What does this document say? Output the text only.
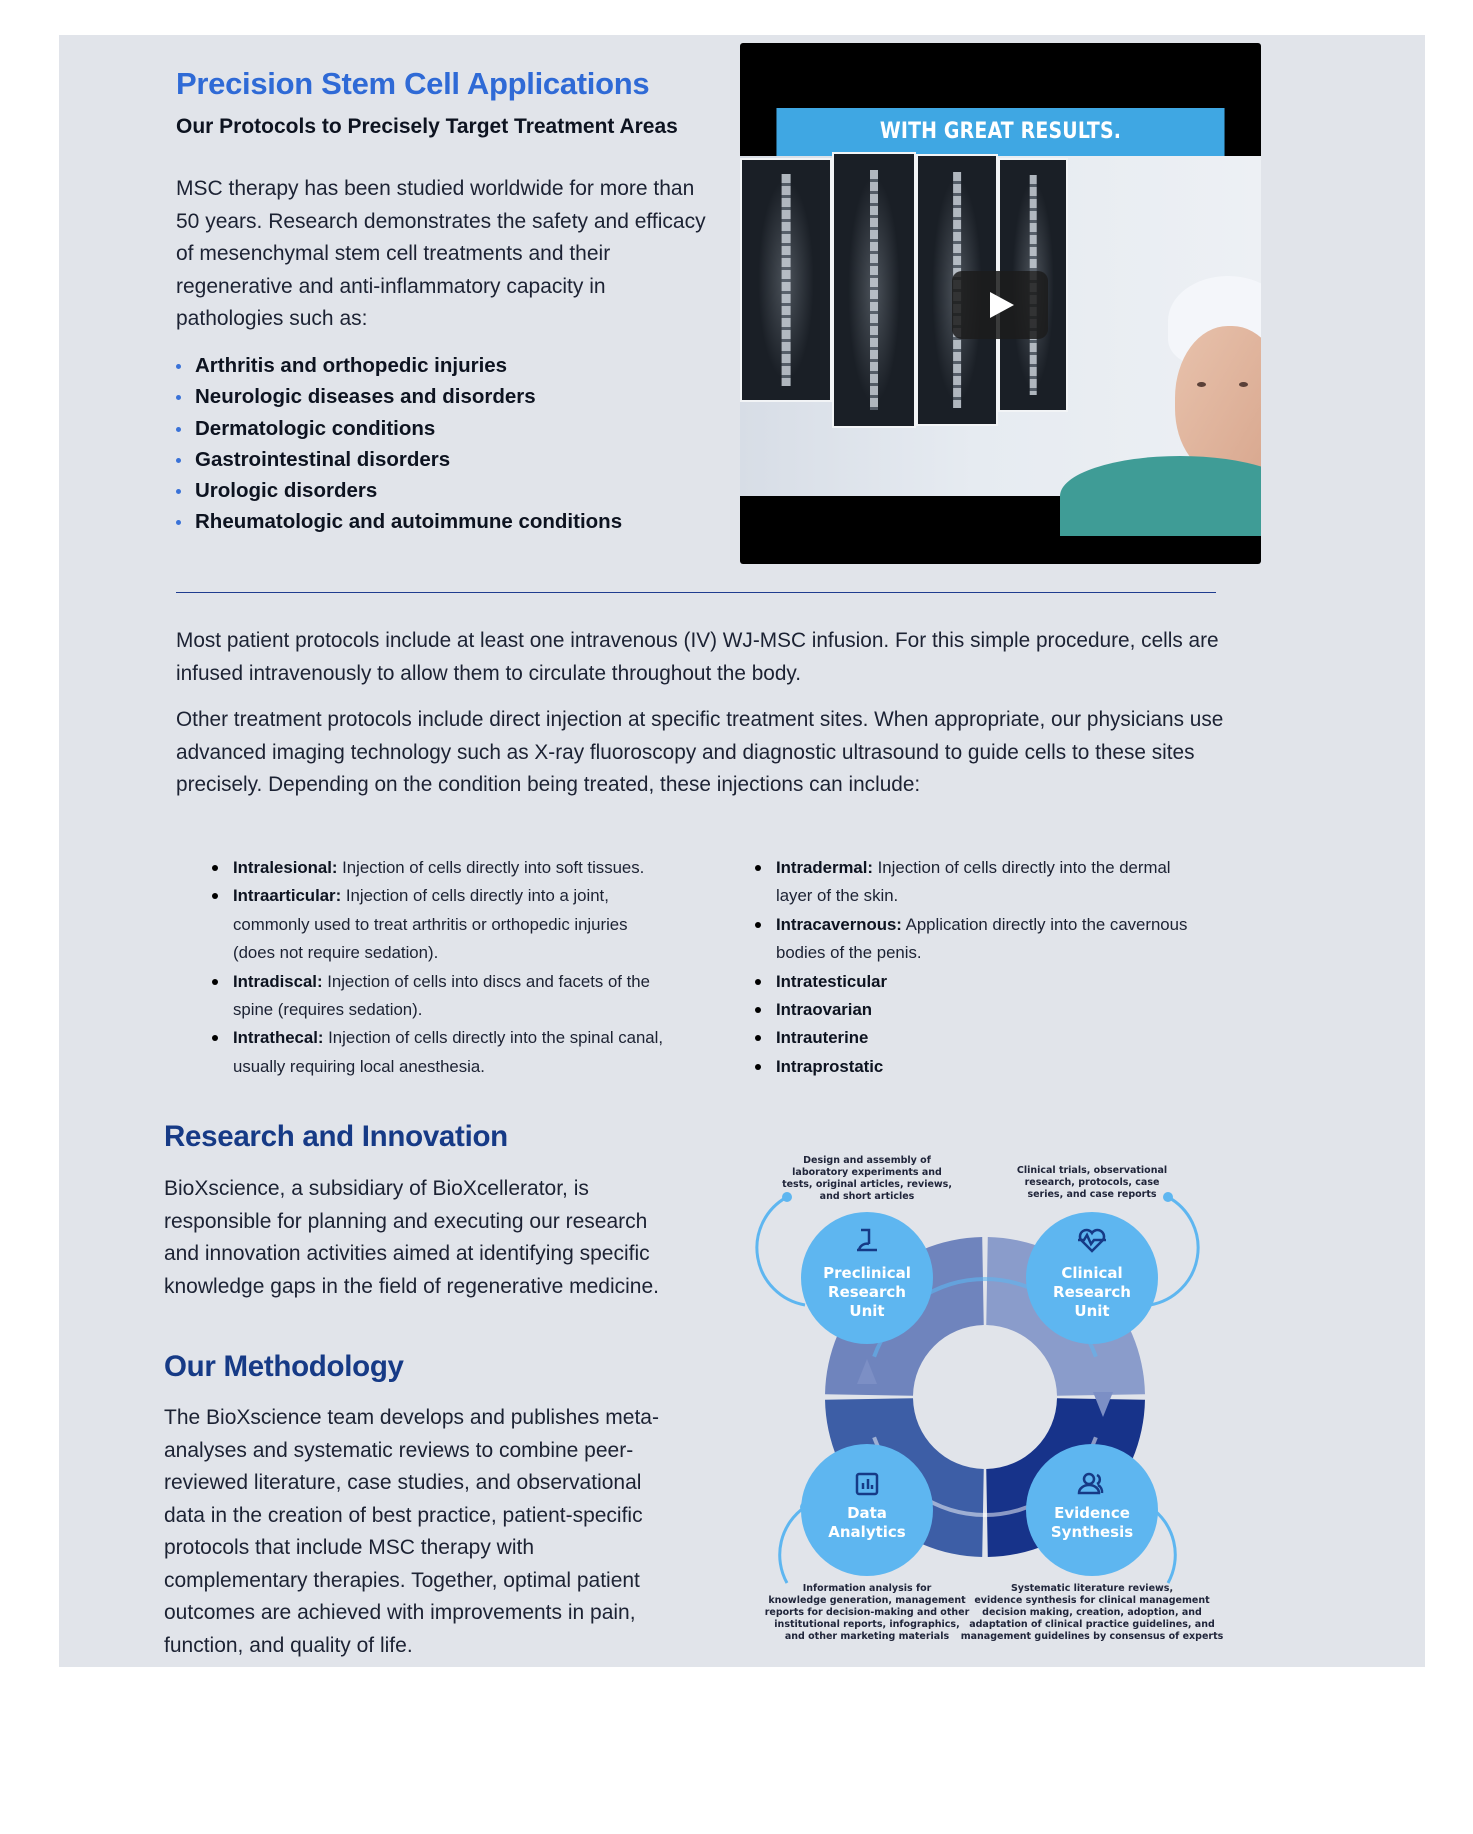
Precision Stem Cell Applications
Our Protocols to Precisely Target Treatment Areas
MSC therapy has been studied worldwide for more than 50 years. Research demonstrates the safety and efficacy of mesenchymal stem cell treatments and their regenerative and anti-inflammatory capacity in pathologies such as:
Arthritis and orthopedic injuries
Neurologic diseases and disorders
Dermatologic conditions
Gastrointestinal disorders
Urologic disorders
Rheumatologic and autoimmune conditions
WITH GREAT RESULTS.
Most patient protocols include at least one intravenous (IV) WJ-MSC infusion. For this simple procedure, cells are infused intravenously to allow them to circulate throughout the body.
Other treatment protocols include direct injection at specific treatment sites. When appropriate, our physicians use advanced imaging technology such as X-ray fluoroscopy and diagnostic ultrasound to guide cells to these sites precisely. Depending on the condition being treated, these injections can include:
Intralesional: Injection of cells directly into soft tissues.
Intraarticular: Injection of cells directly into a joint, commonly used to treat arthritis or orthopedic injuries (does not require sedation).
Intradiscal: Injection of cells into discs and facets of the spine (requires sedation).
Intrathecal: Injection of cells directly into the spinal canal, usually requiring local anesthesia.
Intradermal: Injection of cells directly into the dermal layer of the skin.
Intracavernous: Application directly into the cavernous bodies of the penis.
Intratesticular
Intraovarian
Intrauterine
Intraprostatic
Research and Innovation
BioXscience, a subsidiary of BioXcellerator, is responsible for planning and executing our research and innovation activities aimed at identifying specific knowledge gaps in the field of regenerative medicine.
Our Methodology
The BioXscience team develops and publishes meta-analyses and systematic reviews to combine peer-reviewed literature, case studies, and observational data in the creation of best practice, patient-specific protocols that include MSC therapy with complementary therapies. Together, optimal patient outcomes are achieved with improvements in pain, function, and quality of life.
Preclinical
Research
Unit
Design and assembly of
laboratory experiments and
tests, original articles, reviews,
and short articles
Clinical
Research
Unit
Clinical trials, observational
research, protocols, case
series, and case reports
Data
Analytics
Information analysis for
knowledge generation, management
reports for decision-making and other
institutional reports, infographics,
and other marketing materials
Evidence
Synthesis
Systematic literature reviews,
evidence synthesis for clinical management
decision making, creation, adoption, and
adaptation of clinical practice guidelines, and
management guidelines by consensus of experts
